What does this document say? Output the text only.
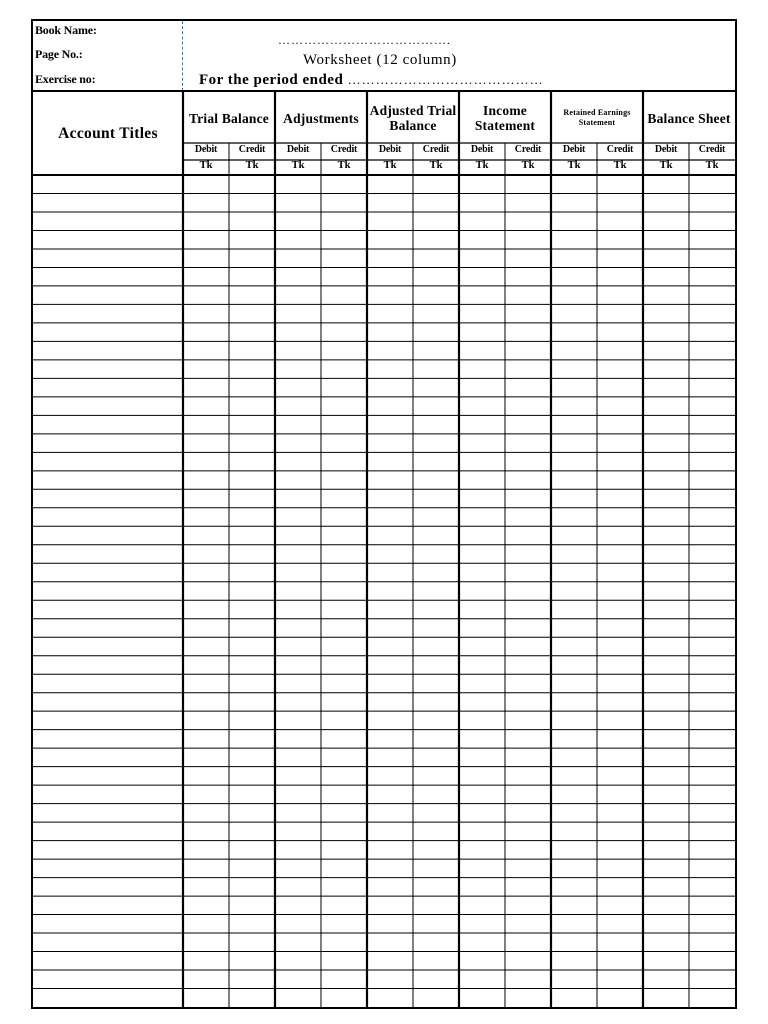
Book Name:
Page No.:
Exercise no:
………………………………….
Worksheet (12 column)
For the period ended ……………………………………
Account Titles
Trial Balance
Debit
Tk
Credit
Tk
Adjustments
Debit
Tk
Credit
Tk
Adjusted Trial Balance
Debit
Tk
Credit
Tk
Income Statement
Debit
Tk
Credit
Tk
Retained Earnings Statement
Debit
Tk
Credit
Tk
Balance Sheet
Debit
Tk
Credit
Tk
